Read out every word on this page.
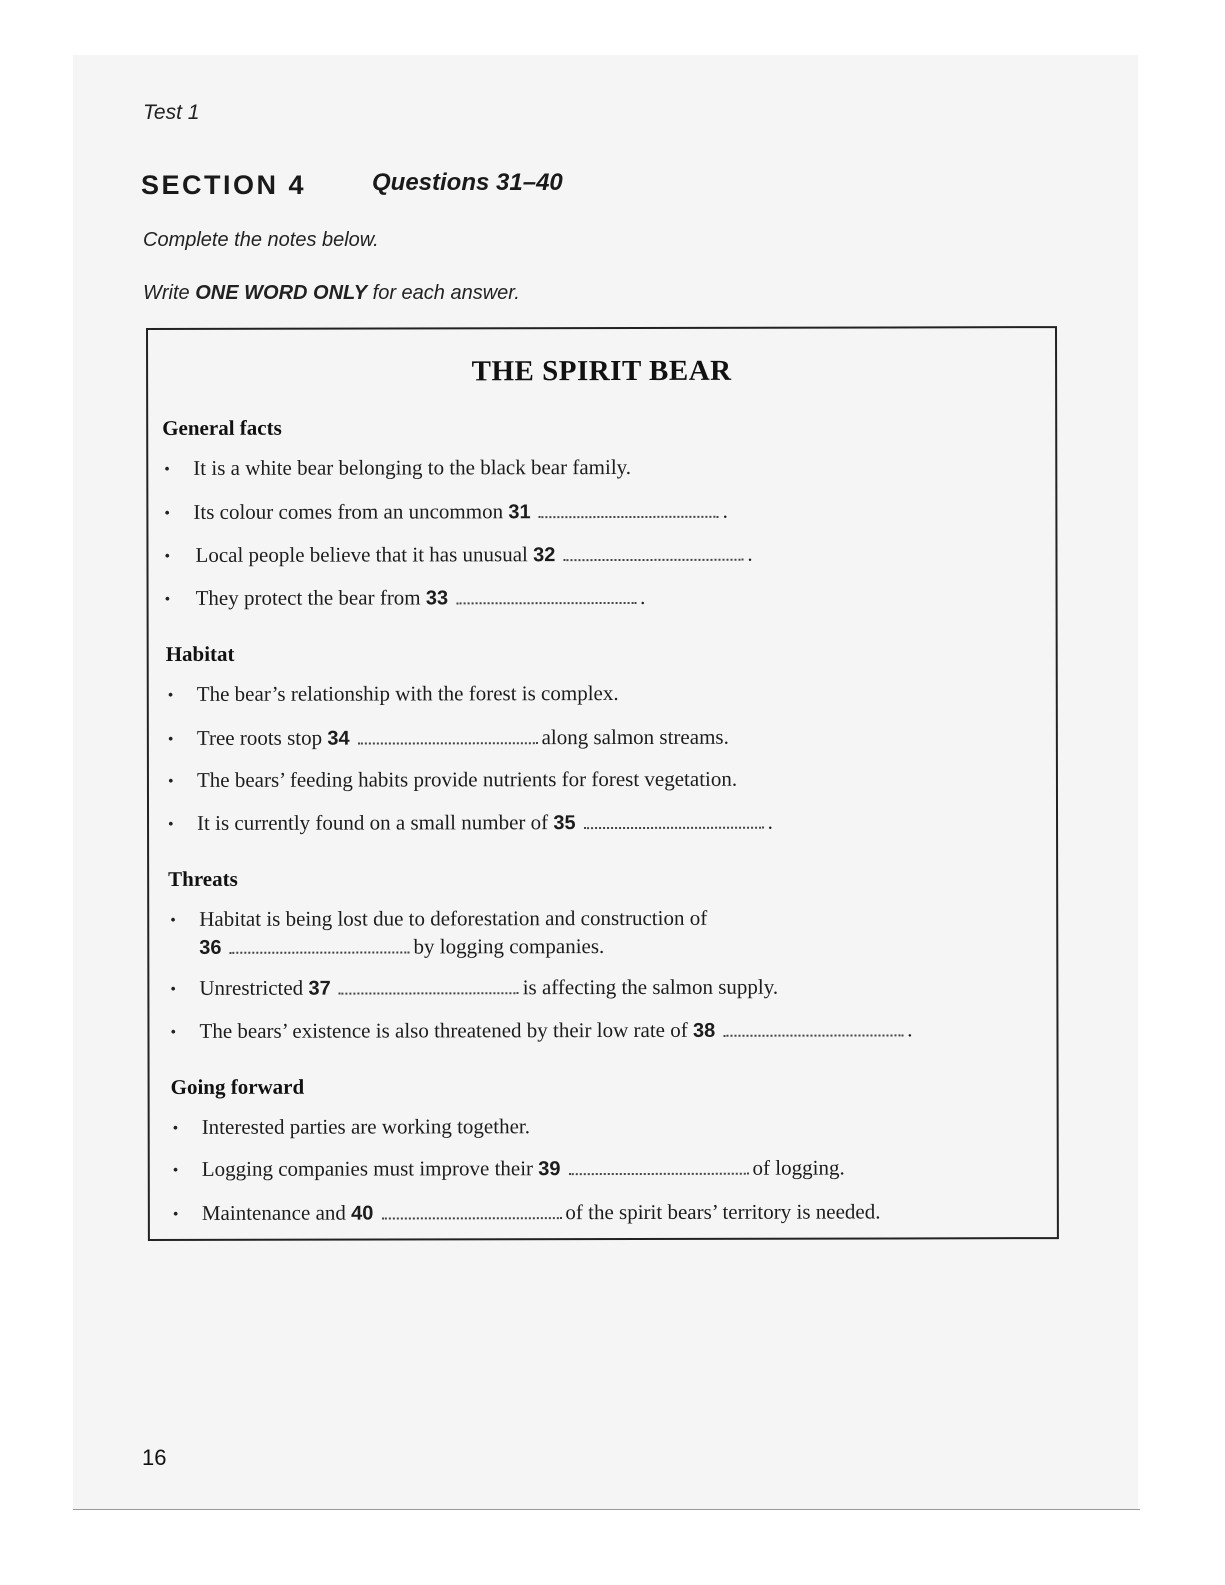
Test 1
SECTION 4	Questions 31–40
Complete the notes below.
Write ONE WORD ONLY for each answer.
THE SPIRIT BEAR
General facts
• It is a white bear belonging to the black bear family.
• Its colour comes from an uncommon 31	.
• Local people believe that it has unusual 32	.
• They protect the bear from 33	.
Habitat
• The bear’s relationship with the forest is complex.
• Tree roots stop 34	along salmon streams.
• The bears’ feeding habits provide nutrients for forest vegetation.
• It is currently found on a small number of 35	.
Threats
• Habitat is being lost due to deforestation and construction of
36	by logging companies.
• Unrestricted 37	is affecting the salmon supply.
• The bears’ existence is also threatened by their low rate of 38	.
Going forward
• Interested parties are working together.
• Logging companies must improve their 39	of logging.
• Maintenance and 40	of the spirit bears’ territory is needed.
16
